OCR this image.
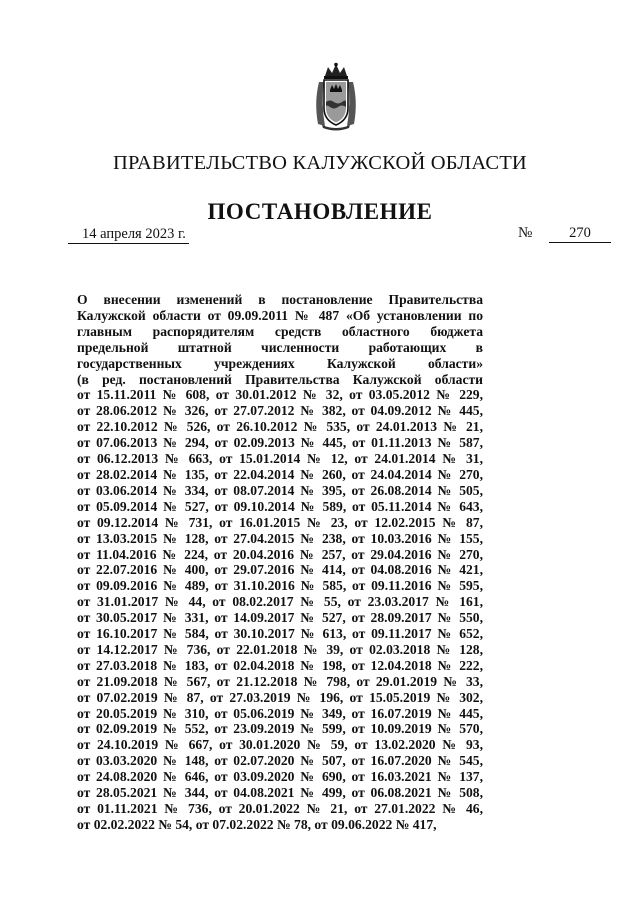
ПРАВИТЕЛЬСТВО КАЛУЖСКОЙ ОБЛАСТИ
ПОСТАНОВЛЕНИЕ
14 апреля 2023 г.	№	270
О внесении изменений в постановление Правительства
Калужской области от 09.09.2011 № 487 «Об установлении по
главным распорядителям средств областного бюджета
предельной штатной численности работающих в
государственных учреждениях Калужской области»
(в ред. постановлений Правительства Калужской области
от 15.11.2011 № 608, от 30.01.2012 № 32, от 03.05.2012 № 229,
от 28.06.2012 № 326, от 27.07.2012 № 382, от 04.09.2012 № 445,
от 22.10.2012 № 526, от 26.10.2012 № 535, от 24.01.2013 № 21,
от 07.06.2013 № 294, от 02.09.2013 № 445, от 01.11.2013 № 587,
от 06.12.2013 № 663, от 15.01.2014 № 12, от 24.01.2014 № 31,
от 28.02.2014 № 135, от 22.04.2014 № 260, от 24.04.2014 № 270,
от 03.06.2014 № 334, от 08.07.2014 № 395, от 26.08.2014 № 505,
от 05.09.2014 № 527, от 09.10.2014 № 589, от 05.11.2014 № 643,
от 09.12.2014 № 731, от 16.01.2015 № 23, от 12.02.2015 № 87,
от 13.03.2015 № 128, от 27.04.2015 № 238, от 10.03.2016 № 155,
от 11.04.2016 № 224, от 20.04.2016 № 257, от 29.04.2016 № 270,
от 22.07.2016 № 400, от 29.07.2016 № 414, от 04.08.2016 № 421,
от 09.09.2016 № 489, от 31.10.2016 № 585, от 09.11.2016 № 595,
от 31.01.2017 № 44, от 08.02.2017 № 55, от 23.03.2017 № 161,
от 30.05.2017 № 331, от 14.09.2017 № 527, от 28.09.2017 № 550,
от 16.10.2017 № 584, от 30.10.2017 № 613, от 09.11.2017 № 652,
от 14.12.2017 № 736, от 22.01.2018 № 39, от 02.03.2018 № 128,
от 27.03.2018 № 183, от 02.04.2018 № 198, от 12.04.2018 № 222,
от 21.09.2018 № 567, от 21.12.2018 № 798, от 29.01.2019 № 33,
от 07.02.2019 № 87, от 27.03.2019 № 196, от 15.05.2019 № 302,
от 20.05.2019 № 310, от 05.06.2019 № 349, от 16.07.2019 № 445,
от 02.09.2019 № 552, от 23.09.2019 № 599, от 10.09.2019 № 570,
от 24.10.2019 № 667, от 30.01.2020 № 59, от 13.02.2020 № 93,
от 03.03.2020 № 148, от 02.07.2020 № 507, от 16.07.2020 № 545,
от 24.08.2020 № 646, от 03.09.2020 № 690, от 16.03.2021 № 137,
от 28.05.2021 № 344, от 04.08.2021 № 499, от 06.08.2021 № 508,
от 01.11.2021 № 736, от 20.01.2022 № 21, от 27.01.2022 № 46,
от 02.02.2022 № 54, от 07.02.2022 № 78, от 09.06.2022 № 417,
